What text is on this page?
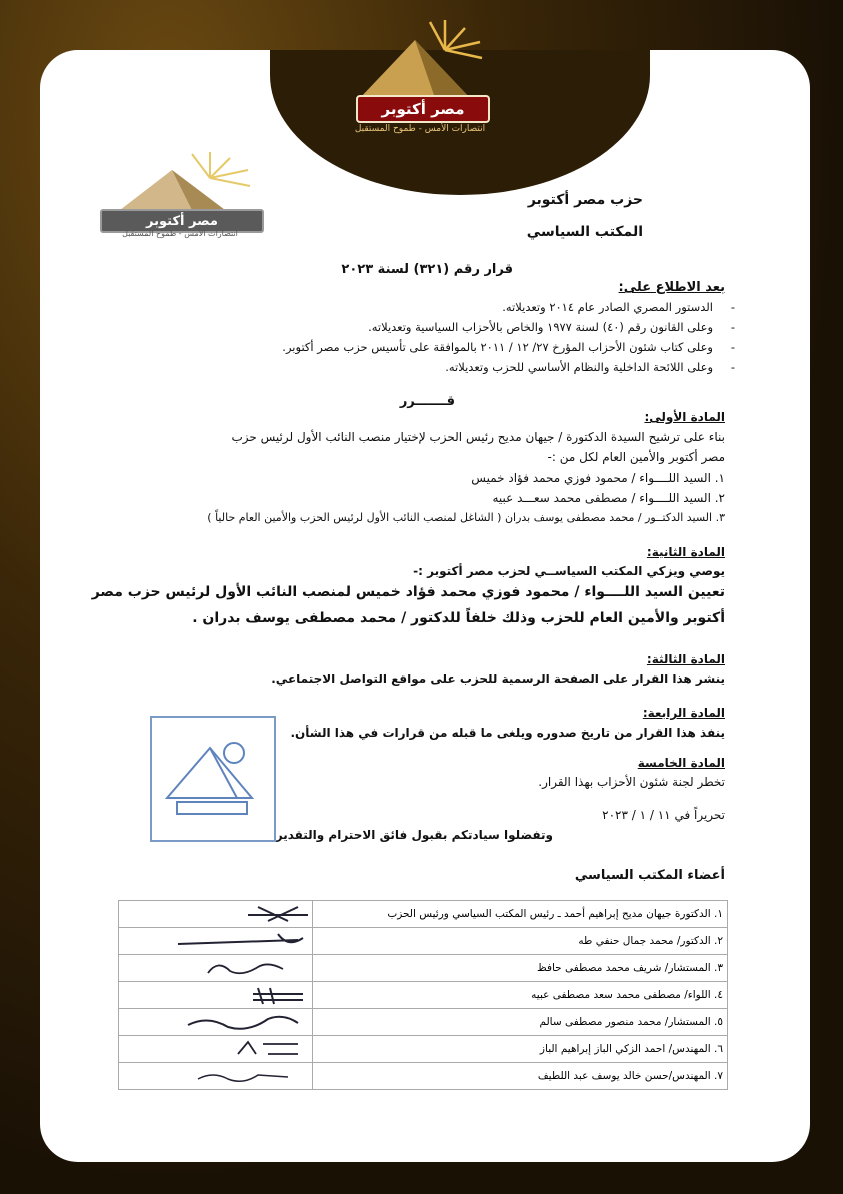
مصر أكتوبر
انتصارات الأمس - طموح المستقبل
مصر أكتوبر
انتصارات الأمس - طموح المستقبل
حزب مصر أكتوبر
المكتب السياسي
قرار رقم (٣٢١) لسنة ٢٠٢٣
بعد الاطلاع على:
الدستور المصري الصادر عام ٢٠١٤ وتعديلاته. -
وعلى القانون رقم (٤٠) لسنة ١٩٧٧ والخاص بالأحزاب السياسية وتعديلاته. -
وعلى كتاب شئون الأحزاب المؤرخ ٢٧/ ١٢ / ٢٠١١ بالموافقة على تأسيس حزب مصر أكتوبر. -
وعلى اللائحة الداخلية والنظام الأساسي للحزب وتعديلاته. -
قـــــــرر
المادة الأولى:
بناء على ترشيح السيدة الدكتورة / جيهان مديح رئيس الحزب لإختيار منصب النائب الأول لرئيس حزب
مصر أكتوبر والأمين العام لكل من :-
١. السيد اللــــواء / محمود فوزي محمد فؤاد خميس
٢. السيد اللــــواء / مصطفى محمد سعـــد عبيه
٣. السيد الدكتــور / محمد مصطفى يوسف بدران ( الشاغل لمنصب النائب الأول لرئيس الحزب والأمين العام حالياً )
المادة الثانية:
يوصي ويزكي المكتب السياســي لحزب مصر أكتوبر :-
تعيين السيد اللــــواء / محمود فوزي محمد فؤاد خميس لمنصب النائب الأول لرئيس حزب مصر
أكتوبر والأمين العام للحزب وذلك خلفاً للدكتور / محمد مصطفى يوسف بدران .
المادة الثالثة:
ينشر هذا القرار على الصفحة الرسمية للحزب على مواقع التواصل الاجتماعي.
المادة الرابعة:
ينفذ هذا القرار من تاريخ صدوره ويلغى ما قبله من قرارات في هذا الشأن.
المادة الخامسة
تخطر لجنة شئون الأحزاب بهذا القرار.
تحريراً في ١١ / ١ / ٢٠٢٣
وتفضلوا سيادتكم بقبول فائق الاحترام والتقدير
أعضاء المكتب السياسي
	١. الدكتورة جيهان مديح إبراهيم أحمد ـ رئيس المكتب السياسي ورئيس الحزب

	٢. الدكتور/ محمد جمال حنفي طه

	٣. المستشار/ شريف محمد مصطفى حافظ

	٤. اللواء/ مصطفى محمد سعد مصطفى عبيه

	٥. المستشار/ محمد منصور مصطفى سالم

	٦. المهندس/ احمد الزكي الباز إبراهيم الباز

	٧. المهندس/حسن خالد يوسف عبد اللطيف
